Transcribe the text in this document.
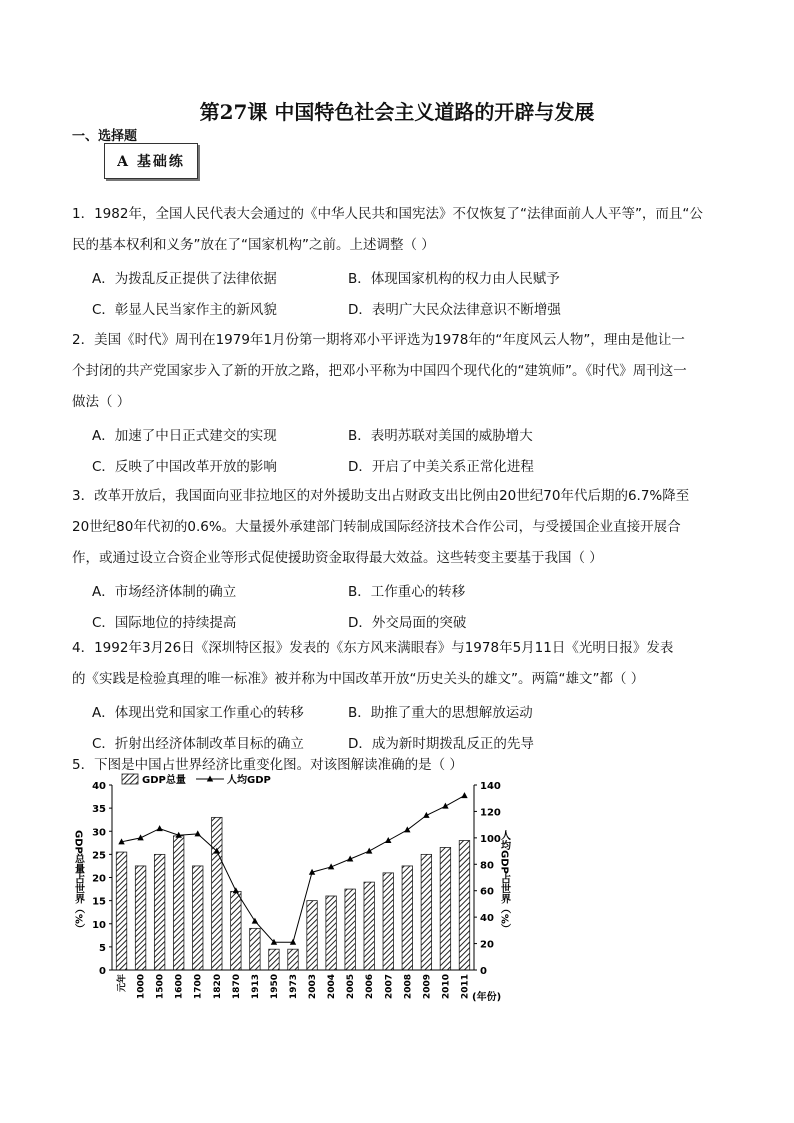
第27课 中国特色社会主义道路的开辟与发展
一、选择题
A 基础练
1．1982年，全国人民代表大会通过的《中华人民共和国宪法》不仅恢复了“法律面前人人平等”，而且“公
民的基本权利和义务”放在了“国家机构”之前。上述调整（ ）
A．为拨乱反正提供了法律依据	B．体现国家机构的权力由人民赋予
C．彰显人民当家作主的新风貌	D．表明广大民众法律意识不断增强
2．美国《时代》周刊在1979年1月份第一期将邓小平评选为1978年的“年度风云人物”，理由是他让一
个封闭的共产党国家步入了新的开放之路，把邓小平称为中国四个现代化的“建筑师”。《时代》周刊这一
做法（ ）
A．加速了中日正式建交的实现	B．表明苏联对美国的威胁增大
C．反映了中国改革开放的影响	D．开启了中美关系正常化进程
3．改革开放后，我国面向亚非拉地区的对外援助支出占财政支出比例由20世纪70年代后期的6.7%降至
20世纪80年代初的0.6%。大量援外承建部门转制成国际经济技术合作公司，与受援国企业直接开展合
作，或通过设立合资企业等形式促使援助资金取得最大效益。这些转变主要基于我国（ ）
A．市场经济体制的确立	B．工作重心的转移
C．国际地位的持续提高	D．外交局面的突破
4．1992年3月26日《深圳特区报》发表的《东方风来满眼春》与1978年5月11日《光明日报》发表
的《实践是检验真理的唯一标准》被并称为中国改革开放“历史关头的雄文”。两篇“雄文”都（ ）
A．体现出党和国家工作重心的转移	B．助推了重大的思想解放运动
C．折射出经济体制改革目标的确立	D．成为新时期拨乱反正的先导
5．下图是中国占世界经济比重变化图。对该图解读准确的是（ ）
0
5
10
15
20
25
30
35
40
0
20
40
60
80
100
120
140
GDP总量占世界（%）	人均GDP占世界（%）
元年 1000 1500 1600 1700 1820 1870 1913 1950 1973 2003 2004 2005 2006 2007 2008 2009 2010 2011 (年份)
GDP总量	人均GDP
